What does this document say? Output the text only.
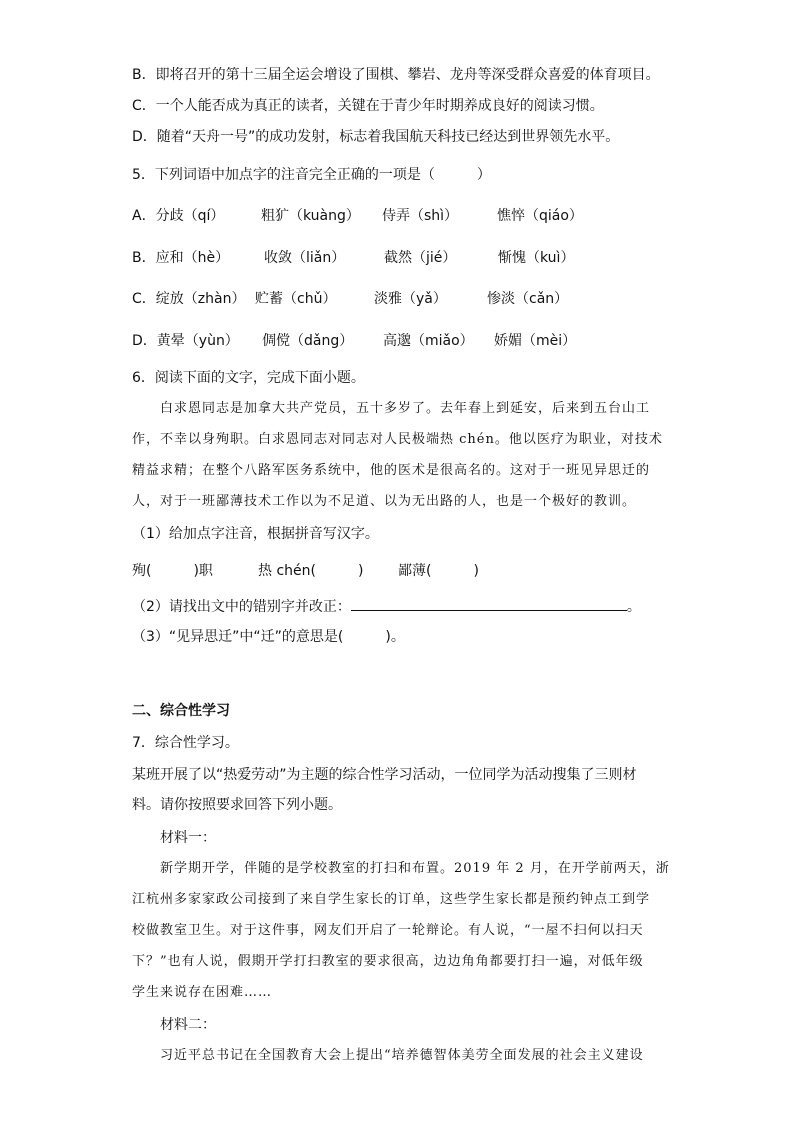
B．即将召开的第十三届全运会增设了围棋、攀岩、龙舟等深受群众喜爱的体育项目。
C．一个人能否成为真正的读者，关键在于青少年时期养成良好的阅读习惯。
D．随着“天舟一号”的成功发射，标志着我国航天科技已经达到世界领先水平。
5．下列词语中加点字的注音完全正确的一项是（　　　）
A．分歧（qí）	粗犷（kuàng） 侍弄（shì）	憔悴（qiáo）
B．应和（hè） 收敛（liǎn）	截然（jié）	惭愧（kuì）
C．绽放（zhàn） 贮蓄（chǔ）	淡雅（yǎ）	惨淡（cǎn）
D．黄晕（yùn） 倜傥（dǎng） 高邈（miǎo） 娇媚（mèi）
6．阅读下面的文字，完成下面小题。
白求恩同志是加拿大共产党员，五十多岁了。去年春上到延安，后来到五台山工
作，不幸以身殉职。白求恩同志对同志对人民极端热 chén。他以医疗为职业，对技术
精益求精；在整个八路军医务系统中，他的医术是很高名的。这对于一班见异思迁的
人，对于一班鄙薄技术工作以为不足道、以为无出路的人，也是一个极好的教训。
（1）给加点字注音，根据拼音写汉字。
殉(　　　)职	热 chén(　　　) 鄙薄(　　　)
（2）请找出文中的错别字并改正：	。
（3）“见异思迁”中“迁”的意思是(　　　)。
二、综合性学习
7．综合性学习。
某班开展了以“热爱劳动”为主题的综合性学习活动，一位同学为活动搜集了三则材
料。请你按照要求回答下列小题。
材料一：
新学期开学，伴随的是学校教室的打扫和布置。2019 年 2 月，在开学前两天，浙
江杭州多家家政公司接到了来自学生家长的订单，这些学生家长都是预约钟点工到学
校做教室卫生。对于这件事，网友们开启了一轮辩论。有人说，“一屋不扫何以扫天
下？”也有人说，假期开学打扫教室的要求很高，边边角角都要打扫一遍，对低年级
学生来说存在困难……
材料二：
习近平总书记在全国教育大会上提出“培养德智体美劳全面发展的社会主义建设
